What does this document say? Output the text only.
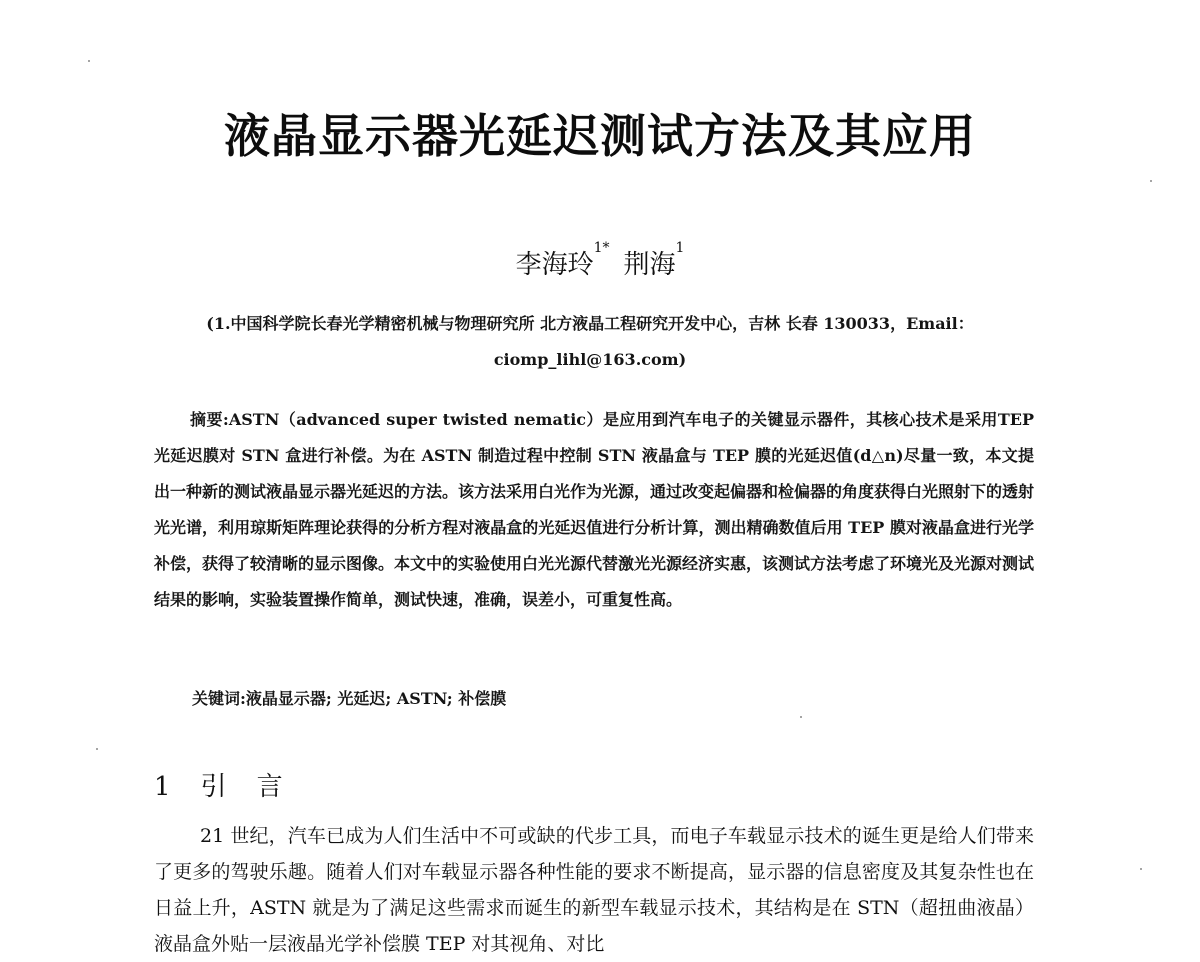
液晶显示器光延迟测试方法及其应用
李海玲$^{1*}$荆海$^1$
(1.中国科学院长春光学精密机械与物理研究所 北方液晶工程研究开发中心，吉林 长春 130033，Email：
ciomp_lihl@163.com)
摘要:ASTN（advanced super twisted nematic）是应用到汽车电子的关键显示器件，其核心技术是采用TEP 光延迟膜对 STN 盒进行补偿。为在 ASTN 制造过程中控制 STN 液晶盒与 TEP 膜的光延迟值(d△n)尽量一致，本文提出一种新的测试液晶显示器光延迟的方法。该方法采用白光作为光源，通过改变起偏器和检偏器的角度获得白光照射下的透射光光谱，利用琼斯矩阵理论获得的分析方程对液晶盒的光延迟值进行分析计算，测出精确数值后用 TEP 膜对液晶盒进行光学补偿，获得了较清晰的显示图像。本文中的实验使用白光光源代替激光光源经济实惠，该测试方法考虑了环境光及光源对测试结果的影响，实验装置操作简单，测试快速，准确，误差小，可重复性高。
关键词:液晶显示器; 光延迟; ASTN; 补偿膜
1 引 言
21 世纪，汽车已成为人们生活中不可或缺的代步工具，而电子车载显示技术的诞生更是给人们带来了更多的驾驶乐趣。随着人们对车载显示器各种性能的要求不断提高，显示器的信息密度及其复杂性也在日益上升，ASTN 就是为了满足这些需求而诞生的新型车载显示技术，其结构是在 STN（超扭曲液晶）液晶盒外贴一层液晶光学补偿膜 TEP 对其视角、对比
